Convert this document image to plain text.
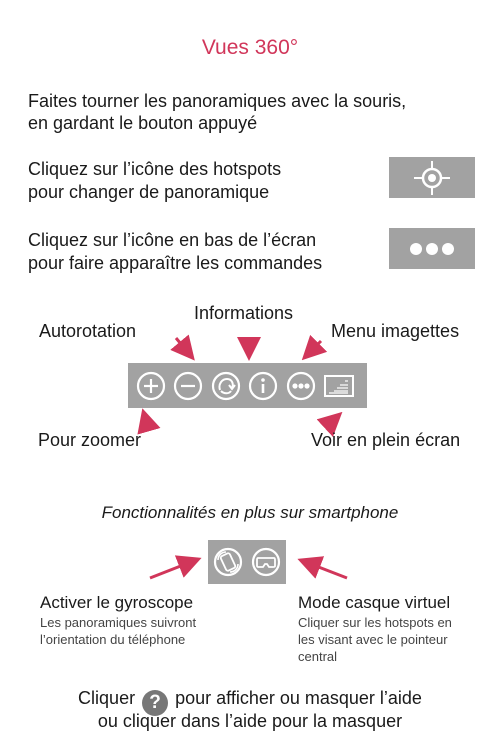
Vues 360°
Faites tourner les panoramiques avec la souris,
en gardant le bouton appuyé
Cliquez sur l’icône des hotspots
pour changer de panoramique
Cliquez sur l’icône en bas de l’écran
pour faire apparaître les commandes
Informations
Autorotation	Menu imagettes
Pour zoomer	Voir en plein écran
Fonctionnalités en plus sur smartphone
Activer le gyroscope
Les panoramiques suivront
l’orientation du téléphone
Mode casque virtuel
Cliquer sur les hotspots en
les visant avec le pointeur
central
Cliquer ? pour afficher ou masquer l’aide
ou cliquer dans l’aide pour la masquer
